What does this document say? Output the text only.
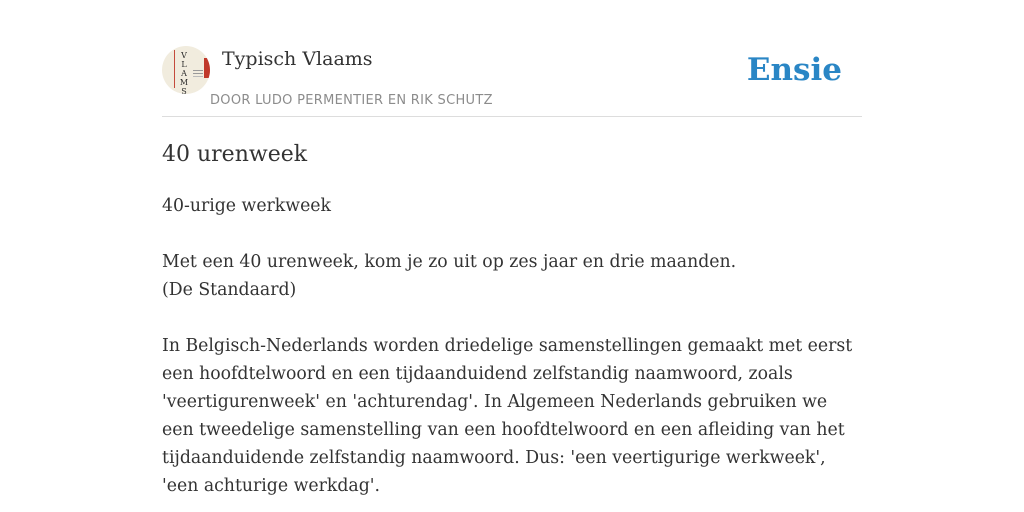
V
L
A
M
S
Typisch Vlaams
DOOR LUDO PERMENTIER EN RIK SCHUTZ
Ensie
40 urenweek

40-urige werkweek

Met een 40 urenweek, kom je zo uit op zes jaar en drie maanden.
(De Standaard)

In Belgisch-Nederlands worden driedelige samenstellingen gemaakt met eerst een hoofdtelwoord en een tijdaanduidend zelfstandig naamwoord, zoals 'veertigurenweek' en 'achturendag'. In Algemeen Nederlands gebruiken we een tweedelige samenstelling van een hoofdtelwoord en een afleiding van het tijdaanduidende zelfstandig naamwoord. Dus: 'een veertigurige werkweek', 'een achturige werkdag'.
